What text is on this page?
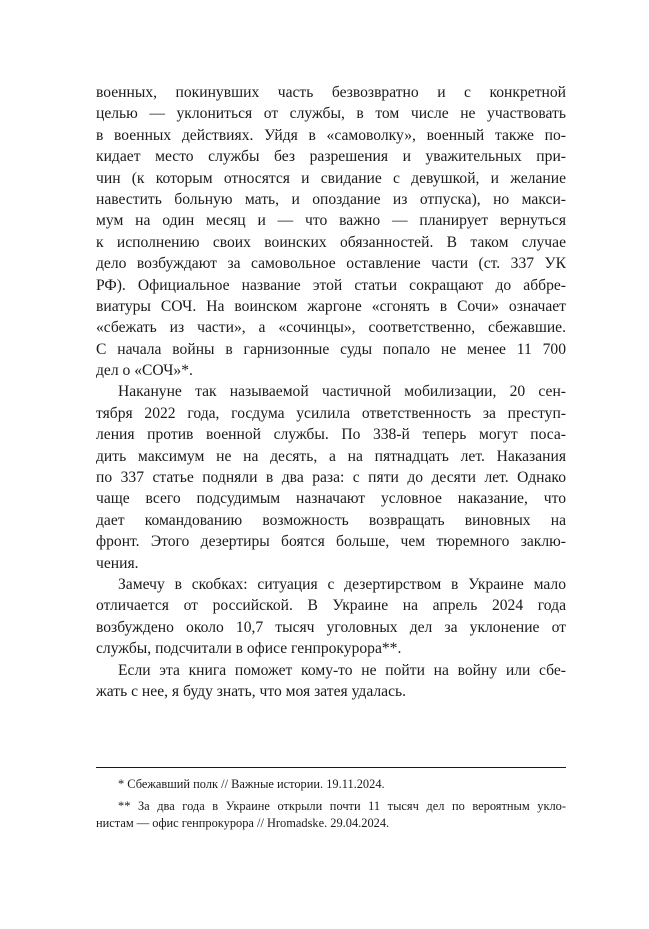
военных, покинувших часть безвозвратно и с конкретной
целью — уклониться от службы, в том числе не участвовать
в военных действиях. Уйдя в «самоволку», военный также по-
кидает место службы без разрешения и уважительных при-
чин (к которым относятся и свидание с девушкой, и желание
навестить больную мать, и опоздание из отпуска), но макси-
мум на один месяц и — что важно — планирует вернуться
к исполнению своих воинских обязанностей. В таком случае
дело возбуждают за самовольное оставление части (ст. 337 УК
РФ). Официальное название этой статьи сокращают до аббре-
виатуры СОЧ. На воинском жаргоне «сгонять в Сочи» означает
«сбежать из части», а «сочинцы», соответственно, сбежавшие.
С начала войны в гарнизонные суды попало не менее 11 700
дел о «СОЧ»*.

Накануне так называемой частичной мобилизации, 20 сен-
тября 2022 года, госдума усилила ответственность за преступ-
ления против военной службы. По 338-й теперь могут поса-
дить максимум не на десять, а на пятнадцать лет. Наказания
по 337 статье подняли в два раза: с пяти до десяти лет. Однако
чаще всего подсудимым назначают условное наказание, что
дает командованию возможность возвращать виновных на
фронт. Этого дезертиры боятся больше, чем тюремного заклю-
чения.

Замечу в скобках: ситуация с дезертирством в Украине мало
отличается от российской. В Украине на апрель 2024 года
возбуждено около 10,7 тысяч уголовных дел за уклонение от
службы, подсчитали в офисе генпрокурора**.

Если эта книга поможет кому-то не пойти на войну или сбе-
жать с нее, я буду знать, что моя затея удалась.

* Сбежавший полк // Важные истории. 19.11.2024.

** За два года в Украине открыли почти 11 тысяч дел по вероятным укло-
нистам — офис генпрокурора // Hromadske. 29.04.2024.
